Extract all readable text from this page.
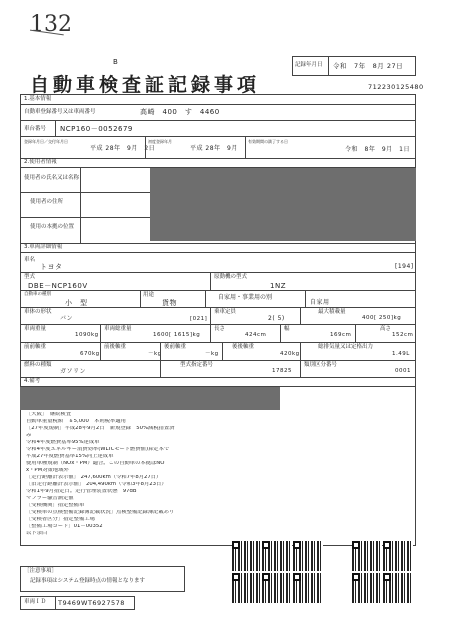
132
B	記録年月日 令和　7年　8月 27日
自動車検査証記録事項	712230125480
1.基本情報
自動車登録番号又は車両番号	高崎　400　す　4460
車台番号 NCP160－0052679
登録年月日／交付年月日
平成 28年　9月　2日
初度登録年月
平成 28年　9月
有効期間の満了する日
令和　8年　9月　1日
2.使用者情報
使用者の氏名又は名称
使用者の住所
使用の本拠の位置
3.車両詳細情報
車名
トヨタ	[194]
型式
DBE－NCP160V
原動機の型式
1NZ
自動車の種別
小　型
用途
貨物
自家用・事業用の別
自家用
車体の形状
バン	[021]
乗車定員
2( 5)
最大積載量
400[ 250]kg
車両重量
1090kg
車両総重量
1600[ 1615]kg
長さ
424cm
幅
169cm
高さ
152cm
前前軸重
670kg
前後軸重
－kg
後前軸重
－kg
後後軸重
420kg
総排気量又は定格出力
1.49L
燃料の種類
ガソリン
型式指定番号
17825
類別区分番号
0001
4.備考
［大阪］　継続検査
自動車重量税額　￥5,000　本則税率適用
［27年度規制］平成28年9月2日　新規登録　50%減税措置済
み
令和4年度燃費基準95%達成車
令和4年度エネルギー消費効率(WLTCモード燃費値)算定本で
平成27年度燃費基準15%向上達成車
使用車種規制（NOx・PM）適合。この自動車の本拠はNO
x・PM対策地域外
［走行距離計表示値］ 247,600km（令和7年8月27日）
［旧走行距離計表示値］ 204,490km（令和3年8月23日）
令和1年9月指定日。走行管理装置状態　97dB
マフラー騒音測定値
［受検機関］指定整備車
［受検車の点検整備記録簿記載状況］点検整備記録簿記載あり
［受検者区分］指定整備工場
［整備工場コード］01－00352
以下余白
［注意事項］
記録事項はシステム登録時点の情報となります
車両ＩＤ T9469WT6927578
